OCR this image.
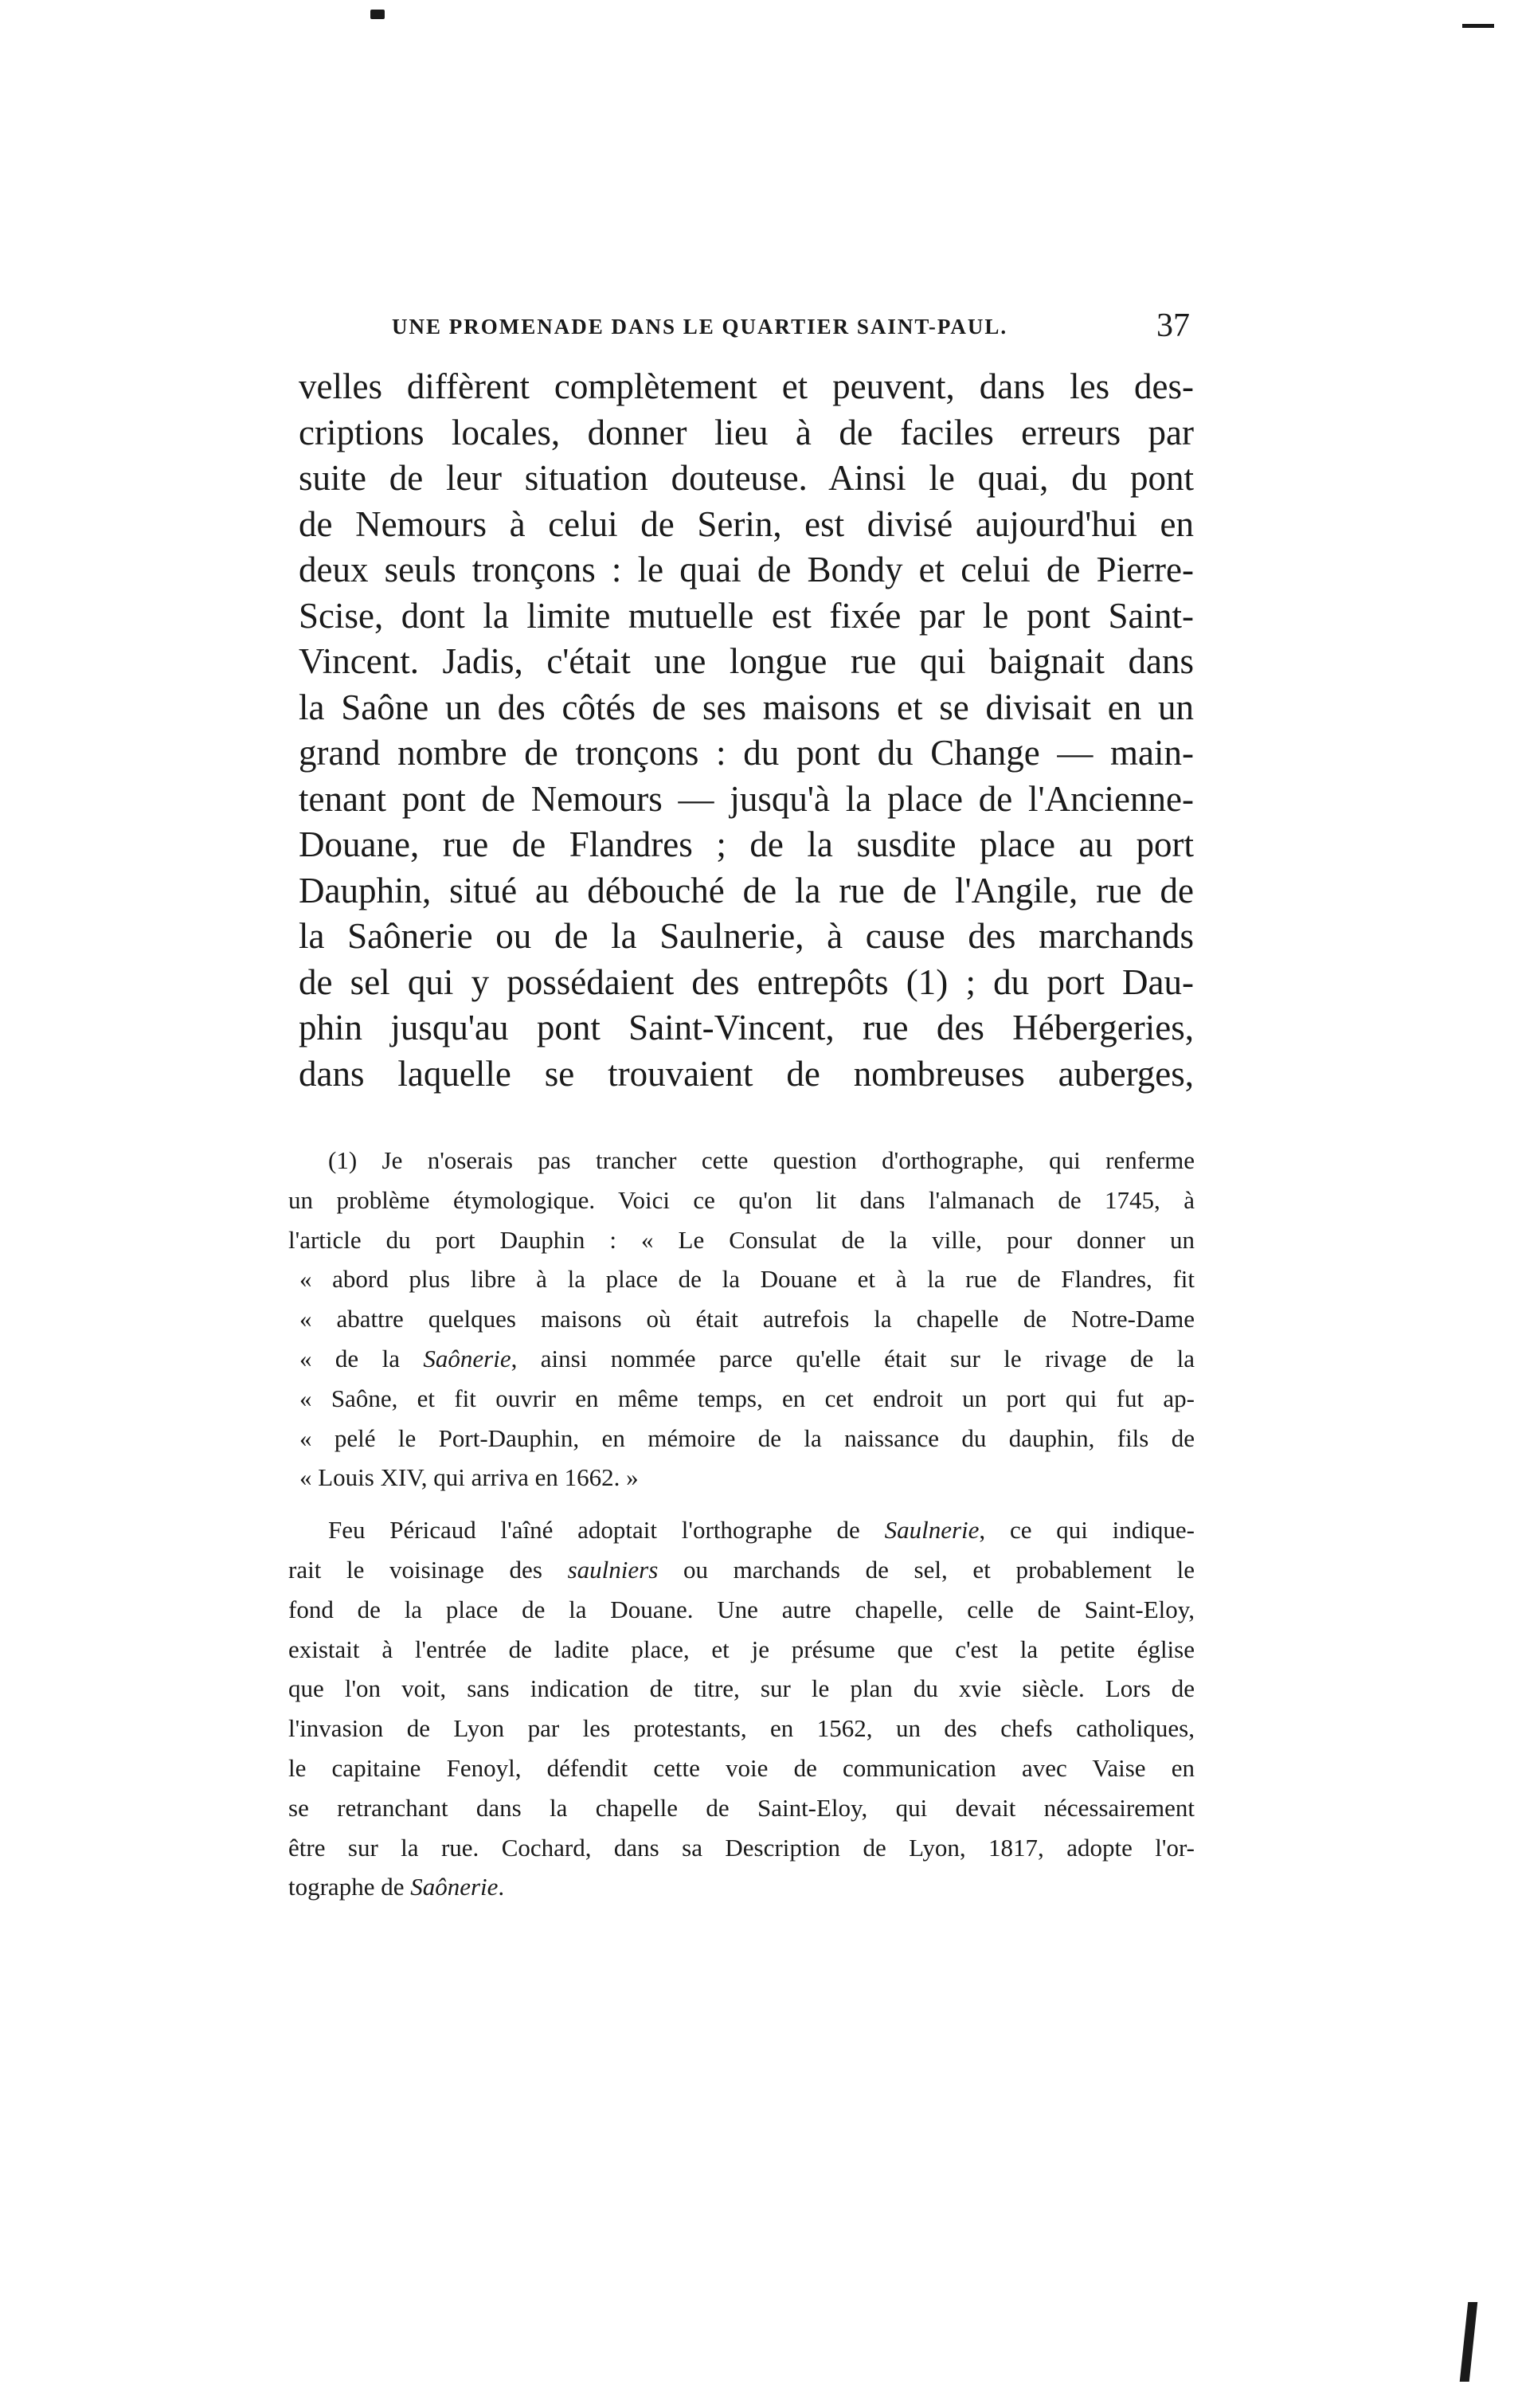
UNE PROMENADE DANS LE QUARTIER SAINT-PAUL.	37
velles diffèrent complètement et peuvent, dans les des-
criptions locales, donner lieu à de faciles erreurs par
suite de leur situation douteuse. Ainsi le quai, du pont
de Nemours à celui de Serin, est divisé aujourd'hui en
deux seuls tronçons : le quai de Bondy et celui de Pierre-
Scise, dont la limite mutuelle est fixée par le pont Saint-
Vincent. Jadis, c'était une longue rue qui baignait dans
la Saône un des côtés de ses maisons et se divisait en un
grand nombre de tronçons : du pont du Change — main-
tenant pont de Nemours — jusqu'à la place de l'Ancienne-
Douane, rue de Flandres ; de la susdite place au port
Dauphin, situé au débouché de la rue de l'Angile, rue de
la Saônerie ou de la Saulnerie, à cause des marchands
de sel qui y possédaient des entrepôts (1) ; du port Dau-
phin jusqu'au pont Saint-Vincent, rue des Hébergeries,
dans laquelle se trouvaient de nombreuses auberges,
(1) Je n'oserais pas trancher cette question d'orthographe, qui renferme
un problème étymologique. Voici ce qu'on lit dans l'almanach de 1745, à
l'article du port Dauphin : « Le Consulat de la ville, pour donner un
« abord plus libre à la place de la Douane et à la rue de Flandres, fit
« abattre quelques maisons où était autrefois la chapelle de Notre-Dame
« de la Saônerie, ainsi nommée parce qu'elle était sur le rivage de la
« Saône, et fit ouvrir en même temps, en cet endroit un port qui fut ap-
« pelé le Port-Dauphin, en mémoire de la naissance du dauphin, fils de
« Louis XIV, qui arriva en 1662. »
Feu Péricaud l'aîné adoptait l'orthographe de Saulnerie, ce qui indique-
rait le voisinage des saulniers ou marchands de sel, et probablement le
fond de la place de la Douane. Une autre chapelle, celle de Saint-Eloy,
existait à l'entrée de ladite place, et je présume que c'est la petite église
que l'on voit, sans indication de titre, sur le plan du xvie siècle. Lors de
l'invasion de Lyon par les protestants, en 1562, un des chefs catholiques,
le capitaine Fenoyl, défendit cette voie de communication avec Vaise en
se retranchant dans la chapelle de Saint-Eloy, qui devait nécessairement
être sur la rue. Cochard, dans sa Description de Lyon, 1817, adopte l'or-
tographe de Saônerie.
